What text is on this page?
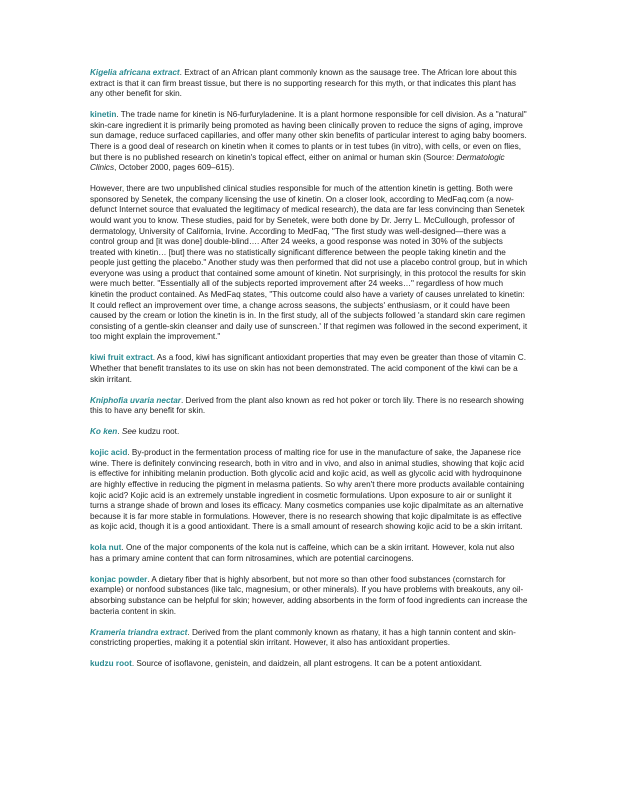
Kigelia africana extract. Extract of an African plant commonly known as the sausage tree. The African lore about this extract is that it can firm breast tissue, but there is no supporting research for this myth, or that indicates this plant has any other benefit for skin.

kinetin. The trade name for kinetin is N6-furfuryladenine. It is a plant hormone responsible for cell division. As a "natural" skin-care ingredient it is primarily being promoted as having been clinically proven to reduce the signs of aging, improve sun damage, reduce surfaced capillaries, and offer many other skin benefits of particular interest to aging baby boomers. There is a good deal of research on kinetin when it comes to plants or in test tubes (in vitro), with cells, or even on flies, but there is no published research on kinetin's topical effect, either on animal or human skin (Source: Dermatologic Clinics, October 2000, pages 609–615).

However, there are two unpublished clinical studies responsible for much of the attention kinetin is getting. Both were sponsored by Senetek, the company licensing the use of kinetin. On a closer look, according to MedFaq.com (a now-defunct Internet source that evaluated the legitimacy of medical research), the data are far less convincing than Senetek would want you to know. These studies, paid for by Senetek, were both done by Dr. Jerry L. McCullough, professor of dermatology, University of California, Irvine. According to MedFaq, "The first study was well-designed—there was a control group and [it was done] double-blind…. After 24 weeks, a good response was noted in 30% of the subjects treated with kinetin… [but] there was no statistically significant difference between the people taking kinetin and the people just getting the placebo." Another study was then performed that did not use a placebo control group, but in which everyone was using a product that contained some amount of kinetin. Not surprisingly, in this protocol the results for skin were much better. "Essentially all of the subjects reported improvement after 24 weeks…" regardless of how much kinetin the product contained. As MedFaq states, "This outcome could also have a variety of causes unrelated to kinetin: It could reflect an improvement over time, a change across seasons, the subjects' enthusiasm, or it could have been caused by the cream or lotion the kinetin is in. In the first study, all of the subjects followed 'a standard skin care regimen consisting of a gentle-skin cleanser and daily use of sunscreen.' If that regimen was followed in the second experiment, it too might explain the improvement."

kiwi fruit extract. As a food, kiwi has significant antioxidant properties that may even be greater than those of vitamin C. Whether that benefit translates to its use on skin has not been demonstrated. The acid component of the kiwi can be a skin irritant.

Kniphofia uvaria nectar. Derived from the plant also known as red hot poker or torch lily. There is no research showing this to have any benefit for skin.

Ko ken. See kudzu root.

kojic acid. By-product in the fermentation process of malting rice for use in the manufacture of sake, the Japanese rice wine. There is definitely convincing research, both in vitro and in vivo, and also in animal studies, showing that kojic acid is effective for inhibiting melanin production. Both glycolic acid and kojic acid, as well as glycolic acid with hydroquinone are highly effective in reducing the pigment in melasma patients. So why aren't there more products available containing kojic acid? Kojic acid is an extremely unstable ingredient in cosmetic formulations. Upon exposure to air or sunlight it turns a strange shade of brown and loses its efficacy. Many cosmetics companies use kojic dipalmitate as an alternative because it is far more stable in formulations. However, there is no research showing that kojic dipalmitate is as effective as kojic acid, though it is a good antioxidant. There is a small amount of research showing kojic acid to be a skin irritant.

kola nut. One of the major components of the kola nut is caffeine, which can be a skin irritant. However, kola nut also has a primary amine content that can form nitrosamines, which are potential carcinogens.

konjac powder. A dietary fiber that is highly absorbent, but not more so than other food substances (cornstarch for example) or nonfood substances (like talc, magnesium, or other minerals). If you have problems with breakouts, any oil-absorbing substance can be helpful for skin; however, adding absorbents in the form of food ingredients can increase the bacteria content in skin.

Krameria triandra extract. Derived from the plant commonly known as rhatany, it has a high tannin content and skin-constricting properties, making it a potential skin irritant. However, it also has antioxidant properties.

kudzu root. Source of isoflavone, genistein, and daidzein, all plant estrogens. It can be a potent antioxidant.
